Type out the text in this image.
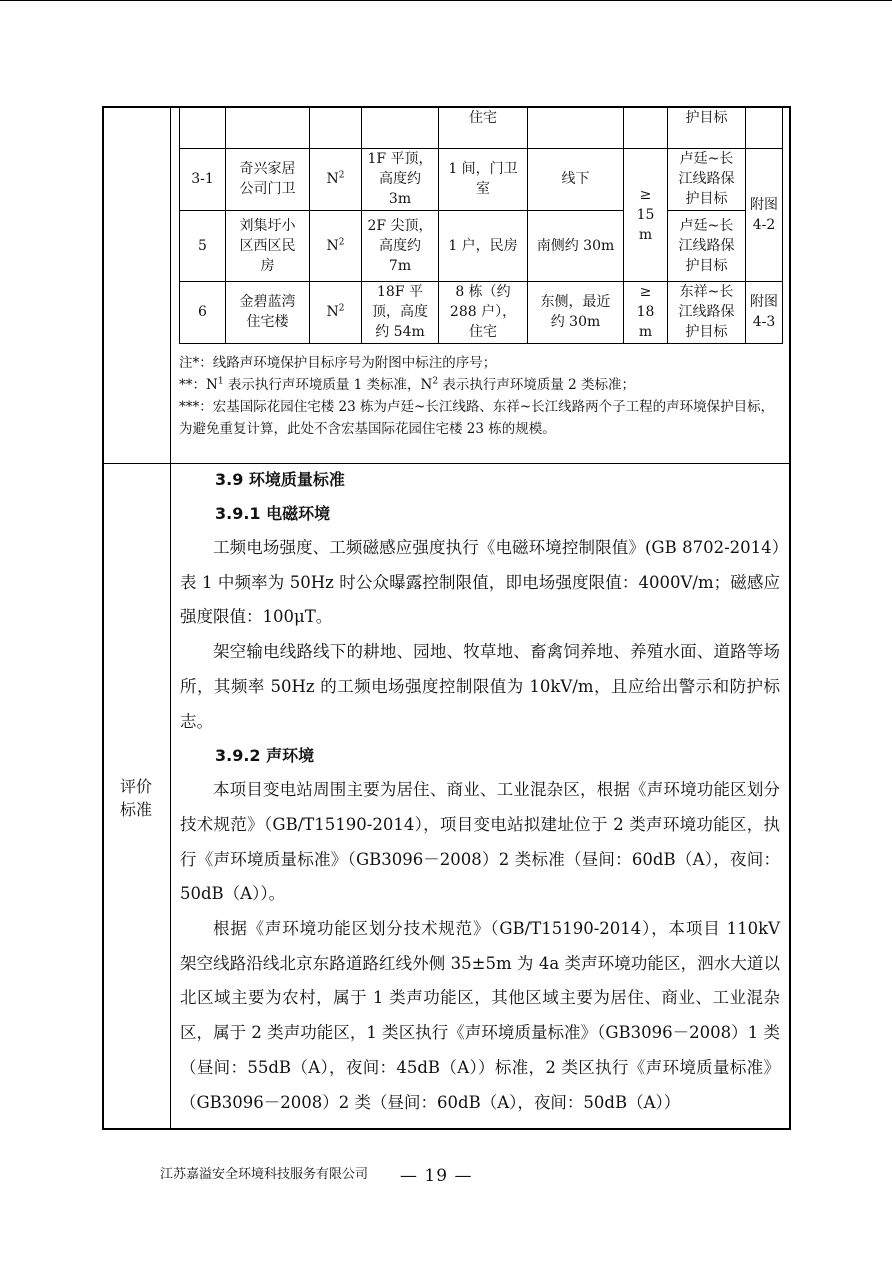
评价
标准
				住宅			护目标	
3-1	奇兴家居
公司门卫	$N^2$	1F 平顶，
高度约
3m	1 间，门卫
室	线下	≥
15
m	卢廷~长
江线路保
护目标	附图
4-2
5	刘集圩小
区西区民
房	$N^2$	2F 尖顶，
高度约
7m	1 户，民房	南侧约 30m		卢廷~长
江线路保
护目标	
6	金碧蓝湾
住宅楼	$N^2$	18F 平
顶，高度
约 54m	8 栋（约
288 户），
住宅	东侧，最近
约 30m	≥
18
m	东祥~长
江线路保
护目标	附图
4-3
注*：线路声环境保护目标序号为附图中标注的序号；
**：$N^1$ 表示执行声环境质量 1 类标准，$N^2$ 表示执行声环境质量 2 类标准；
***：宏基国际花园住宅楼 23 栋为卢廷~长江线路、东祥~长江线路两个子工程的声环境保护目标，为避免重复计算，此处不含宏基国际花园住宅楼 23 栋的规模。
3.9 环境质量标准
3.9.1 电磁环境

工频电场强度、工频磁感应强度执行《电磁环境控制限值》(GB 8702-2014）表 1 中频率为 50Hz 时公众曝露控制限值，即电场强度限值：4000V/m；磁感应强度限值：100μT。

架空输电线路线下的耕地、园地、牧草地、畜禽饲养地、养殖水面、道路等场所，其频率 50Hz 的工频电场强度控制限值为 10kV/m，且应给出警示和防护标志。

3.9.2 声环境

本项目变电站周围主要为居住、商业、工业混杂区，根据《声环境功能区划分技术规范》（GB/T15190-2014），项目变电站拟建址位于 2 类声环境功能区，执行《声环境质量标准》（GB3096－2008）2 类标准（昼间：60dB（A），夜间：50dB（A））。

根据《声环境功能区划分技术规范》（GB/T15190-2014），本项目 110kV 架空线路沿线北京东路道路红线外侧 35±5m 为 4a 类声环境功能区，泗水大道以北区域主要为农村，属于 1 类声功能区，其他区域主要为居住、商业、工业混杂区，属于 2 类声功能区，1 类区执行《声环境质量标准》（GB3096－2008）1 类（昼间：55dB（A），夜间：45dB（A））标准，2 类区执行《声环境质量标准》（GB3096－2008）2 类（昼间：60dB（A），夜间：50dB（A））

江苏嘉溢安全环境科技服务有限公司 — 19 —
